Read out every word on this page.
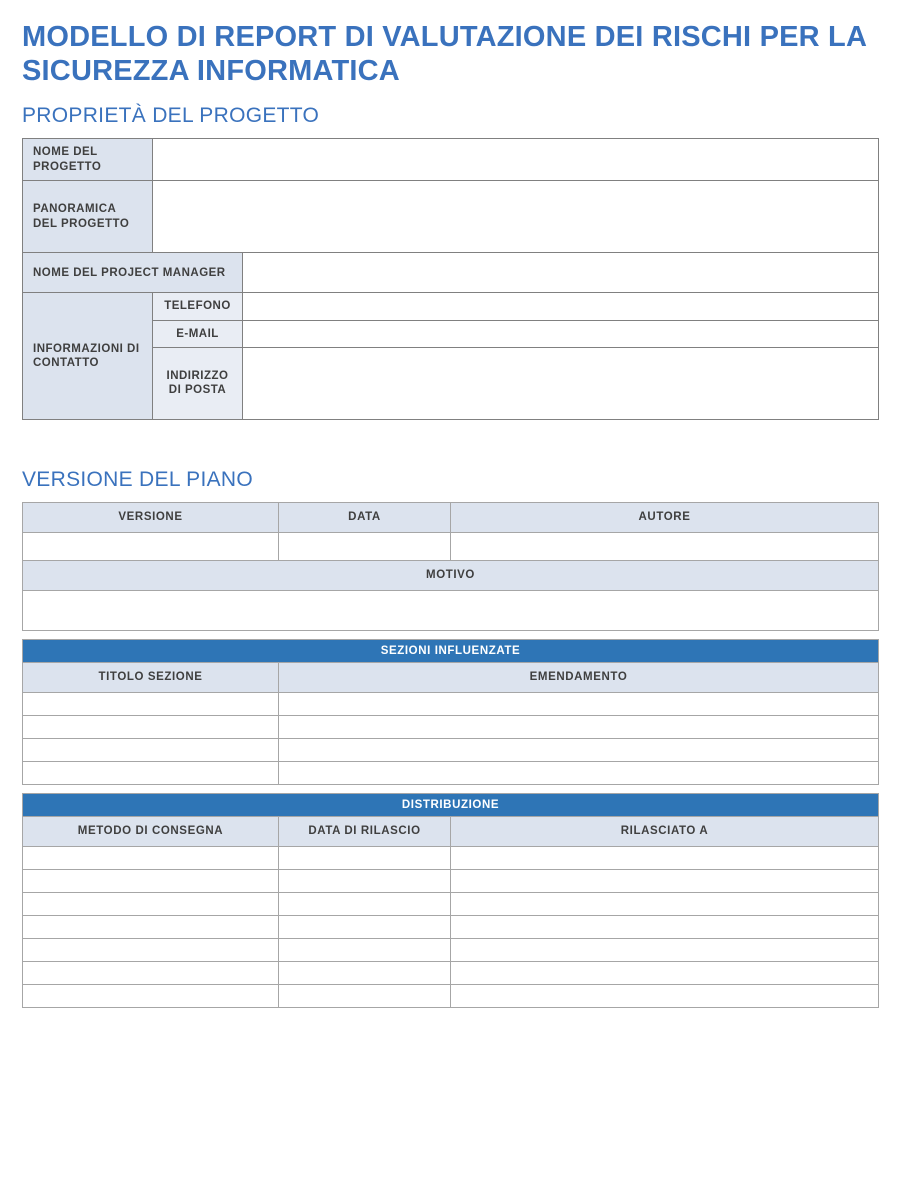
MODELLO DI REPORT DI VALUTAZIONE DEI RISCHI PER LA SICUREZZA INFORMATICA
PROPRIETÀ DEL PROGETTO
NOME DEL PROGETTO		
PANORAMICA DEL PROGETTO		
NOME DEL PROJECT MANAGER		
INFORMAZIONI DI CONTATTO	TELEFONO	
	E-MAIL	
	INDIRIZZO DI POSTA	
VERSIONE DEL PIANO
VERSIONE	DATA	AUTORE

MOTIVO		

SEZIONI INFLUENZATE	
TITOLO SEZIONE	EMENDAMENTO

DISTRIBUZIONE		
METODO DI CONSEGNA	DATA DI RILASCIO	RILASCIATO A
